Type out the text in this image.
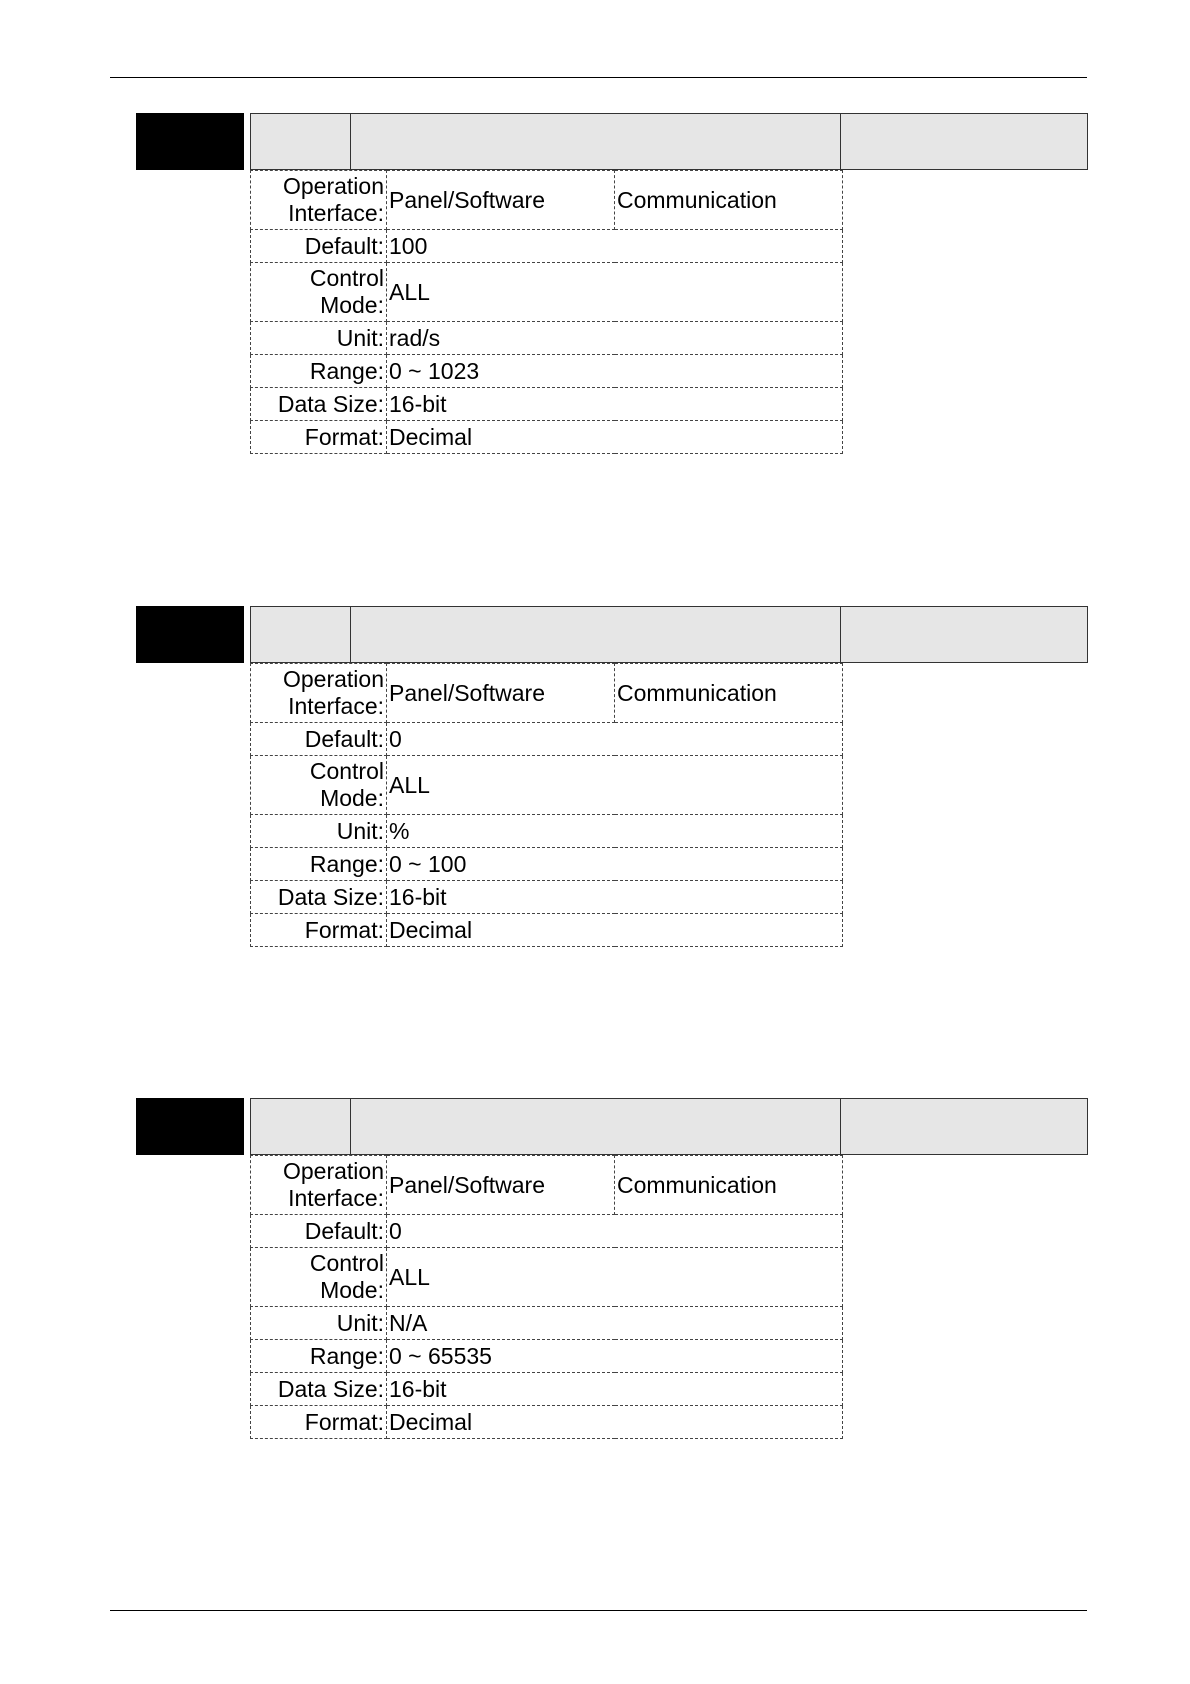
Operation Interface:	Panel/Software	Communication
Default:	100	
Control Mode:	ALL	
Unit:	rad/s	
Range:	0 ~ 1023	
Data Size:	16-bit	
Format:	Decimal	
Operation Interface:	Panel/Software	Communication
Default:	0	
Control Mode:	ALL	
Unit:	%	
Range:	0 ~ 100	
Data Size:	16-bit	
Format:	Decimal	
Operation Interface:	Panel/Software	Communication
Default:	0	
Control Mode:	ALL	
Unit:	N/A	
Range:	0 ~ 65535	
Data Size:	16-bit	
Format:	Decimal	
